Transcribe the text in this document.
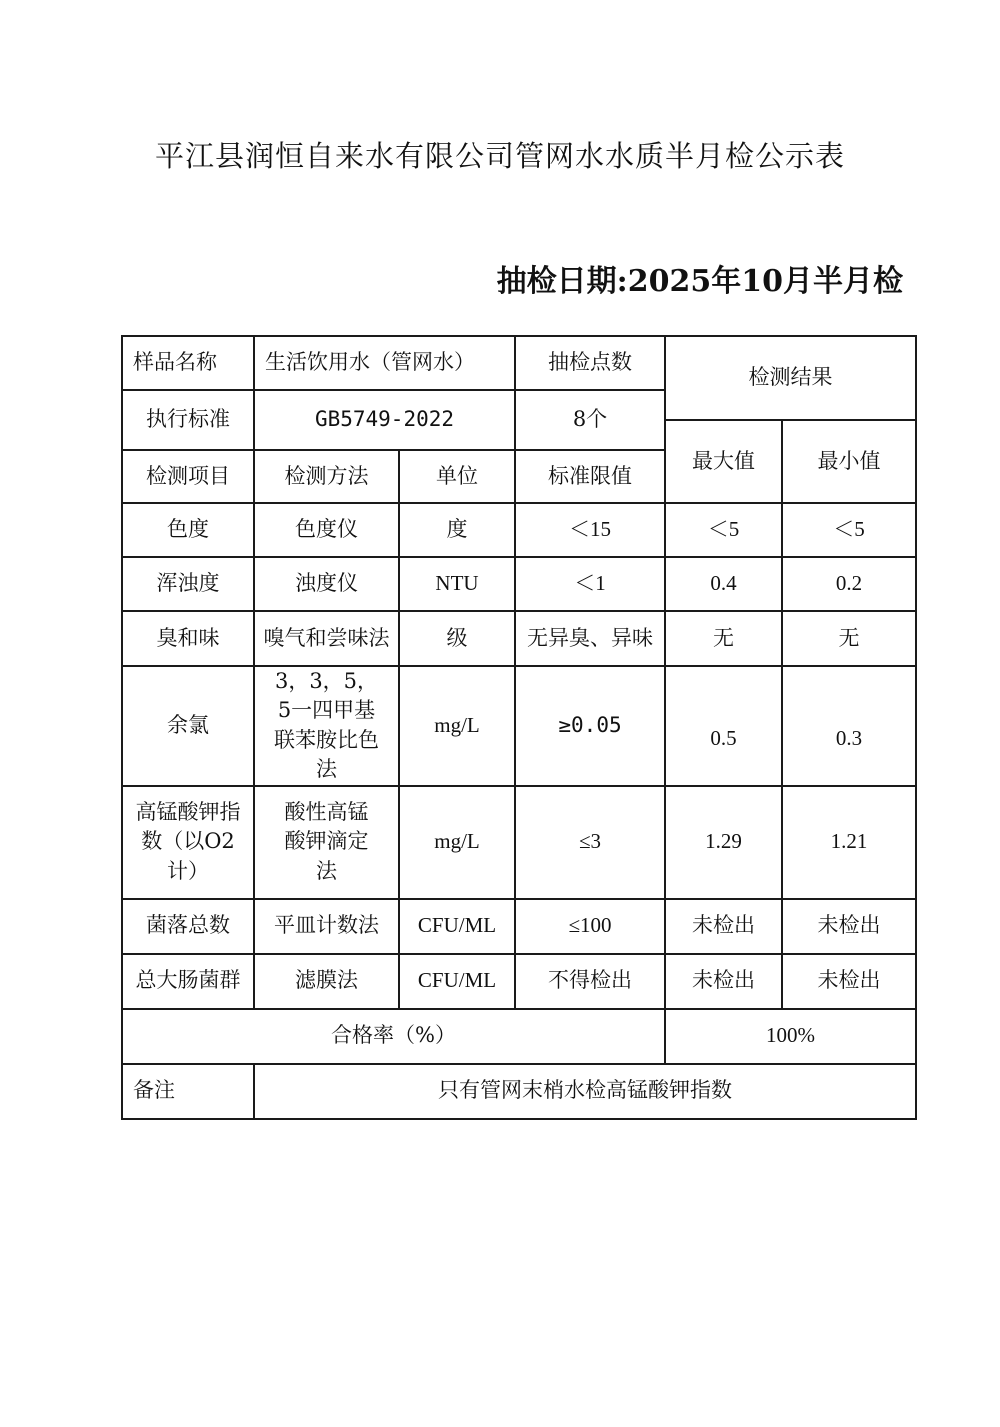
平江县润恒自来水有限公司管网水水质半月检公示表
抽检日期:2025年10月半月检
样品名称	生活饮用水（管网水）		抽检点数	检测结果	
执行标准	GB5749-2022		8个		
				最大值	最小值
检测项目	检测方法	单位	标准限值		
色度	色度仪	度	＜15	＜5	＜5
浑浊度	浊度仪	NTU	＜1	0.4	0.2
臭和味	嗅气和尝味法	级	无异臭、异味	无	无
余氯	3，3，5，5一四甲基联苯胺比色法	mg/L	≥0.05	0.5	0.3
高锰酸钾指数（以O2计）	酸性高锰酸钾滴定法	mg/L	≤3	1.29	1.21
菌落总数	平皿计数法	CFU/ML	≤100	未检出	未检出
总大肠菌群	滤膜法	CFU/ML	不得检出	未检出	未检出
合格率（%）				100%	
备注	只有管网末梢水检高锰酸钾指数				
